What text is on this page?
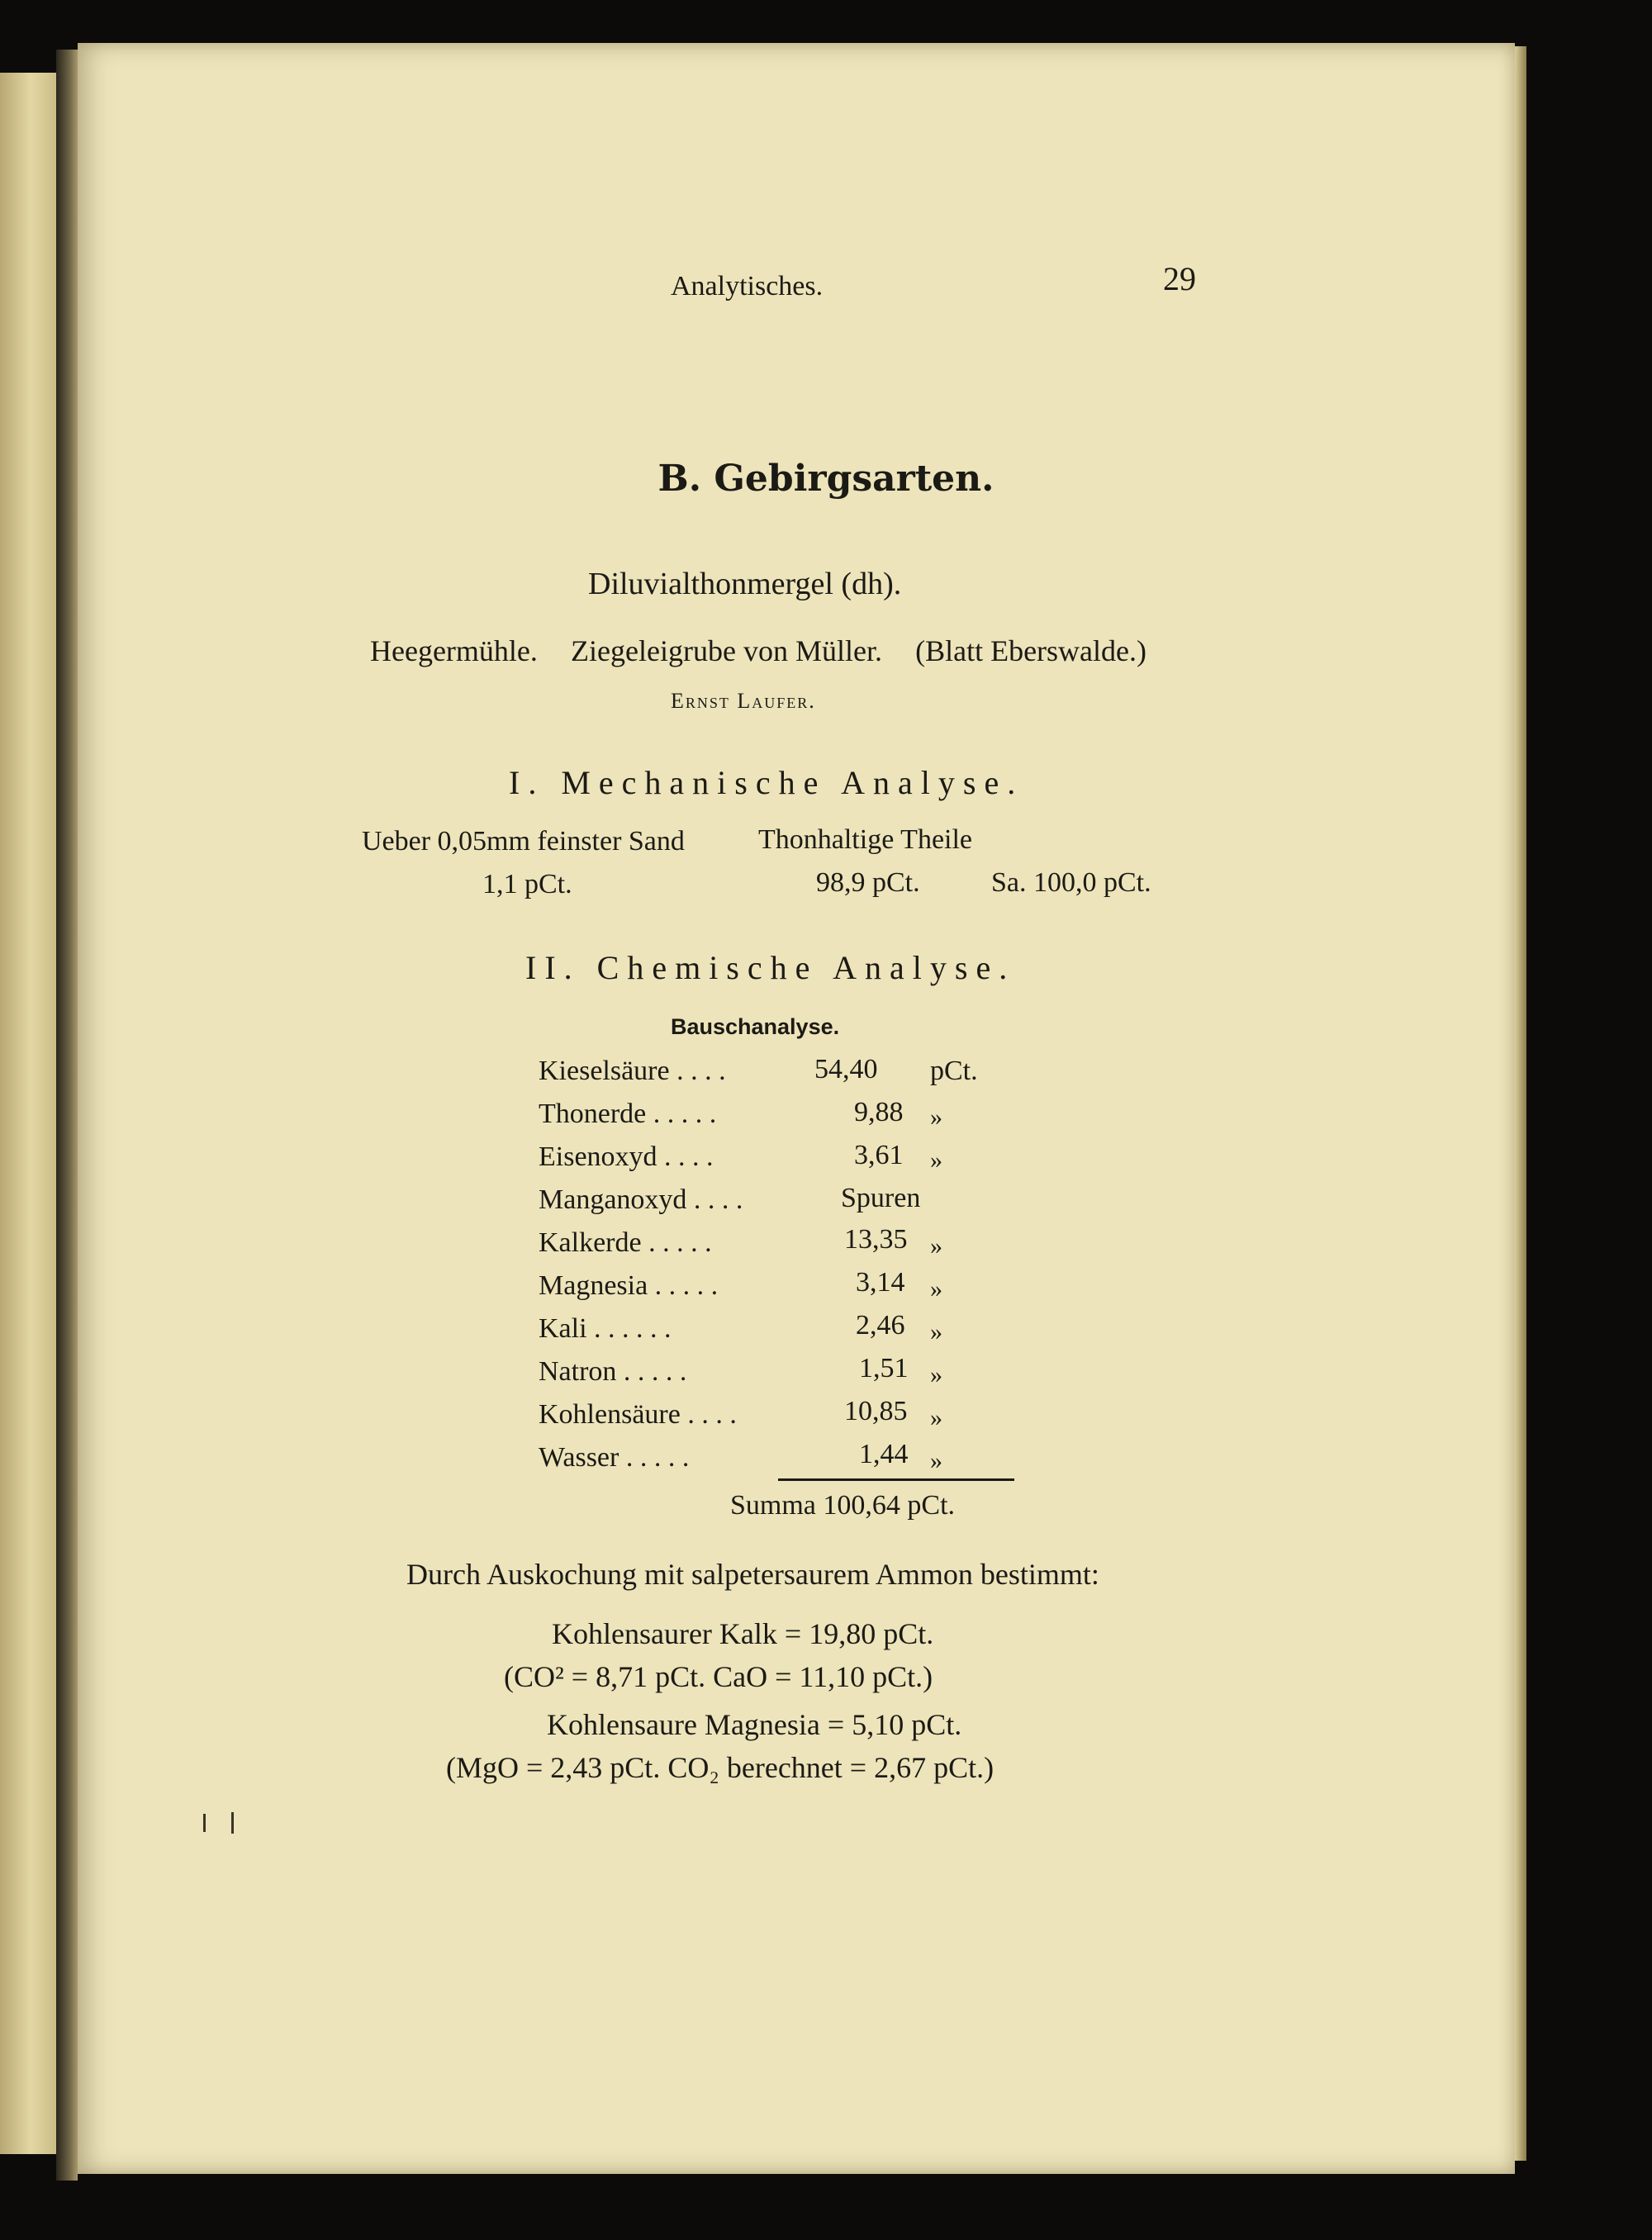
Analytisches.	29
B. Gebirgsarten.
Diluvialthonmergel (dh).
Heegermühle. Ziegeleigrube von Müller. (Blatt Eberswalde.)
Ernst Laufer.
I. Mechanische Analyse.
Ueber 0,05mm feinster Sand	Thonhaltige Theile
1,1 pCt.	98,9 pCt.	Sa. 100,0 pCt.
II. Chemische Analyse.
Bauschanalyse.
Kieselsäure . . . .	54,40 pCt.
Thonerde . . . . .	9,88 »
Eisenoxyd . . . .	3,61 »
Manganoxyd . . . .	Spuren
Kalkerde . . . . .	13,35 »
Magnesia . . . . .	3,14 »
Kali . . . . . .	2,46 »
Natron . . . . .	1,51 »
Kohlensäure . . . .	10,85 »
Wasser . . . . .	1,44 »
Summa 100,64 pCt.
Durch Auskochung mit salpetersaurem Ammon bestimmt:
Kohlensaurer Kalk = 19,80 pCt.
(CO² = 8,71 pCt. CaO = 11,10 pCt.)
Kohlensaure Magnesia = 5,10 pCt.
(MgO = 2,43 pCt. CO₂ berechnet = 2,67 pCt.)
